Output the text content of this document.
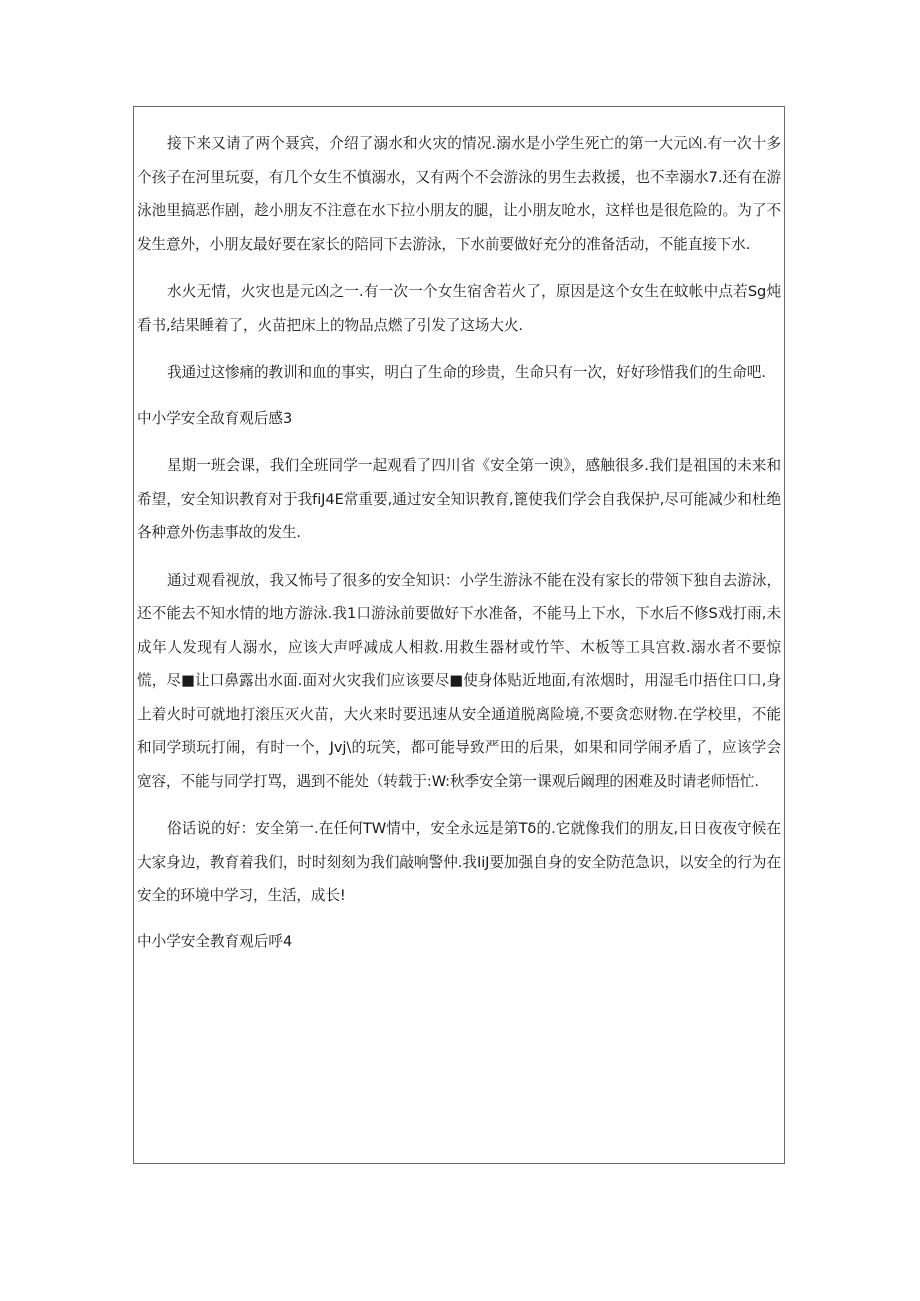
接下来又请了两个聂宾，介绍了溺水和火灾的情况.溺水是小学生死亡的第一大元凶.有一次十多个孩子在河里玩耍，有几个女生不慎溺水，又有两个不会游泳的男生去救援，也不幸溺水7.还有在游泳池里搞恶作剧，趁小朋友不注意在水下拉小朋友的腿，让小朋友呛水，这样也是很危险的。为了不发生意外，小朋友最好要在家长的陪同下去游泳，下水前要做好充分的准备活动，不能直接下水.

水火无情，火灾也是元凶之一.有一次一个女生宿舍若火了，原因是这个女生在蚊帐中点若Sg炖看书,结果睡着了，火苗把床上的物品点燃了引发了这场大火.

我通过这惨痛的教训和血的事实，明白了生命的珍贵，生命只有一次，好好珍惜我们的生命吧.

中小学安全敌育观后感3

星期一班会课，我们全班同学一起观看了四川省《安全第一谀》，感触很多.我们是祖国的未来和希望，安全知识教育对于我fiJ4E常重要,通过安全知识教育,篦使我们学会自我保护,尽可能减少和杜绝各种意外伤恚事故的发生.

通过观看视放，我又怖号了很多的安全知识：小学生游泳不能在没有家长的带领下独自去游泳，还不能去不知水情的地方游泳.我1口游泳前要做好下水准备，不能马上下水，下水后不修S戏打雨,未成年人发现有人溺水，应该大声呼减成人相救.用救生器材或竹竿、木板等工具宫救.溺水者不要惊慌，尽■让口鼻露出水面.面对火灾我们应该要尽■使身体贴近地面,有浓烟时，用湿毛巾捂住口口,身上着火时可就地打滚压灭火苗，大火来时要迅速从安全通道脱离险境,不要贪恋财物.在学校里，不能和同学琐玩打闹，有时一个，Jvj\的玩笑，都可能导致严田的后果，如果和同学闹矛盾了，应该学会宽容，不能与同学打骂，遇到不能处（转载于:W:秋季安全第一课观后阚理的困难及时请老师悟忙.

俗话说的好：安全第一.在任何TW情中，安全永远是第Tδ的.它就像我们的朋友,日日夜夜守候在大家身边，教育着我们，时时刻刻为我们敲响警仲.我IiJ要加强自身的安全防范急识，以安全的行为在安全的环境中学习，生活，成长!

中小学安全教育观后呼4
